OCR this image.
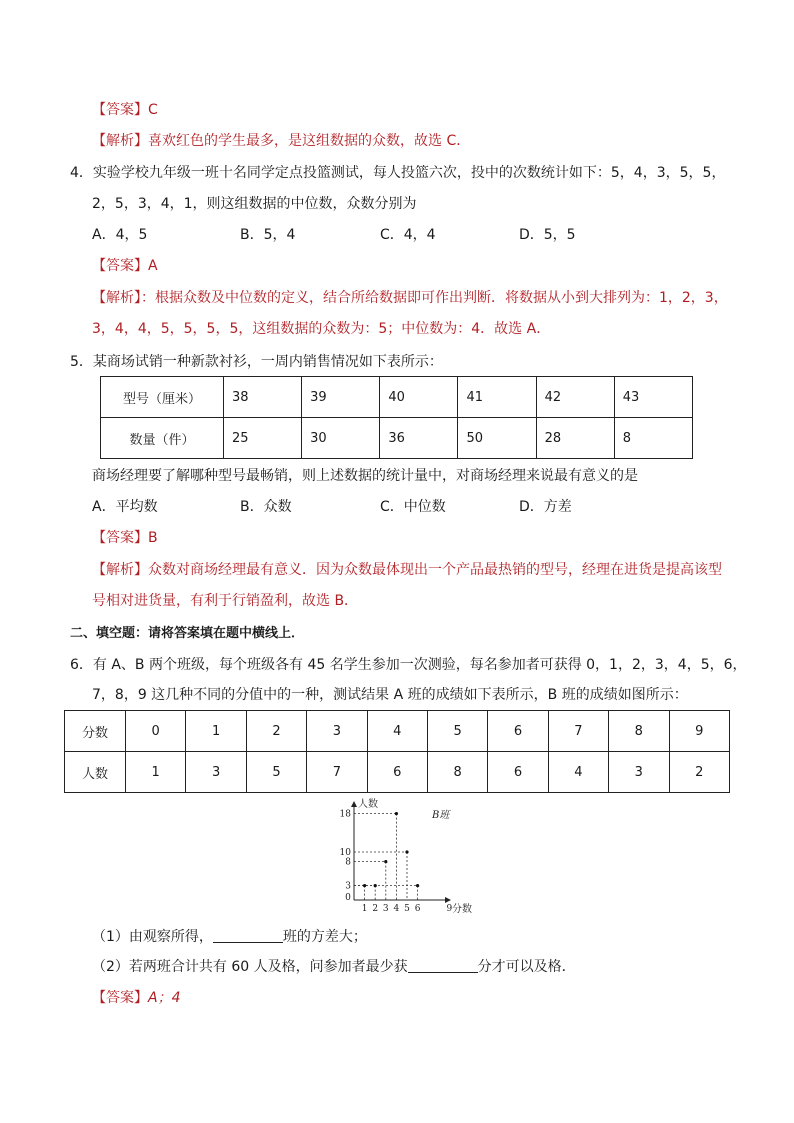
【答案】C
【解析】喜欢红色的学生最多，是这组数据的众数，故选 C．
4．实验学校九年级一班十名同学定点投篮测试，每人投篮六次，投中的次数统计如下：5，4，3，5，5，
2，5，3，4，1，则这组数据的中位数，众数分别为
A．4，5	B．5，4	C．4，4	D．5，5
【答案】A
【解析】：根据众数及中位数的定义，结合所给数据即可作出判断．将数据从小到大排列为：1，2，3，
3，4，4，5，5，5，5，这组数据的众数为：5；中位数为：4．故选 A．
5．某商场试销一种新款衬衫，一周内销售情况如下表所示：
型号（厘米）	38	39	40	41	42	43
数量（件）	25	30	36	50	28	8
商场经理要了解哪种型号最畅销，则上述数据的统计量中，对商场经理来说最有意义的是
A．平均数	B．众数	C．中位数	D．方差
【答案】B
【解析】众数对商场经理最有意义．因为众数最体现出一个产品最热销的型号，经理在进货是提高该型
号相对进货量，有利于行销盈利，故选 B．
二、填空题：请将答案填在题中横线上．
6．有 A、B 两个班级，每个班级各有 45 名学生参加一次测验，每名参加者可获得 0，1，2，3，4，5，6，
7，8，9 这几种不同的分值中的一种，测试结果 A 班的成绩如下表所示，B 班的成绩如图所示：
分数	0	1	2	3	4	5	6	7	8	9
人数	1	3	5	7	6	8	6	4	3	2
0
1 2 3 4 5 6	9
3
8
10
18
人数
分数
B班
（1）由观察所得，	班的方差大；
（2）若两班合计共有 60 人及格，问参加者最少获	分才可以及格．
【答案】A；4
